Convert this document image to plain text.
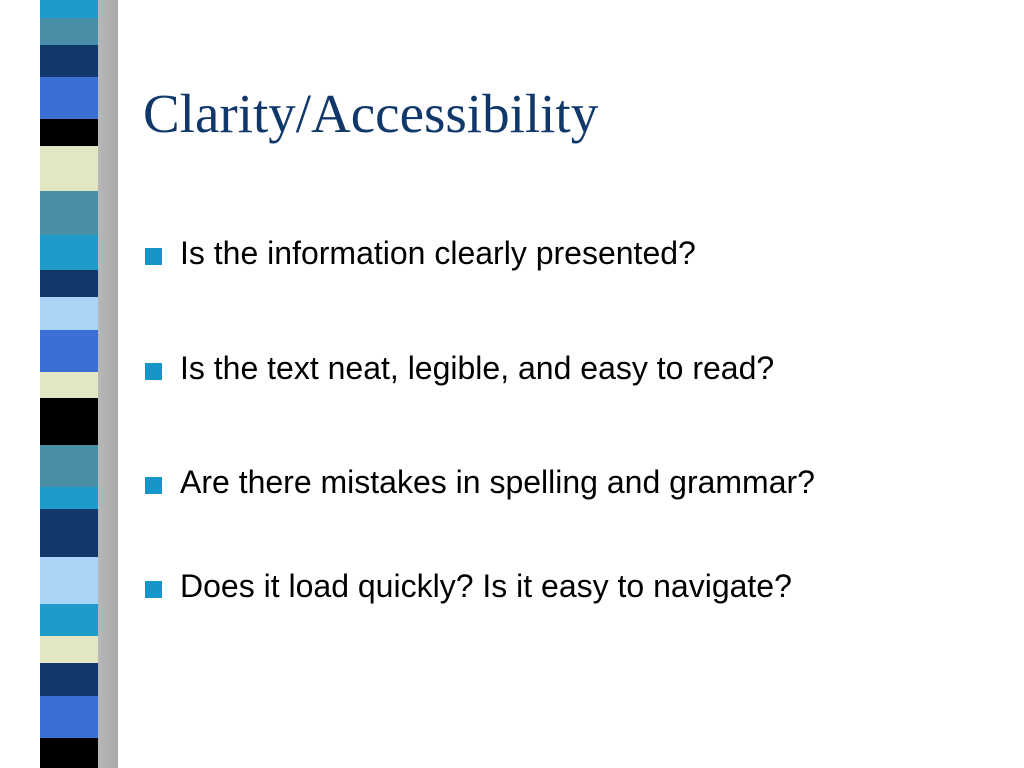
Clarity/Accessibility
Is the information clearly presented?
Is the text neat, legible, and easy to read?
Are there mistakes in spelling and grammar?
Does it load quickly? Is it easy to navigate?
